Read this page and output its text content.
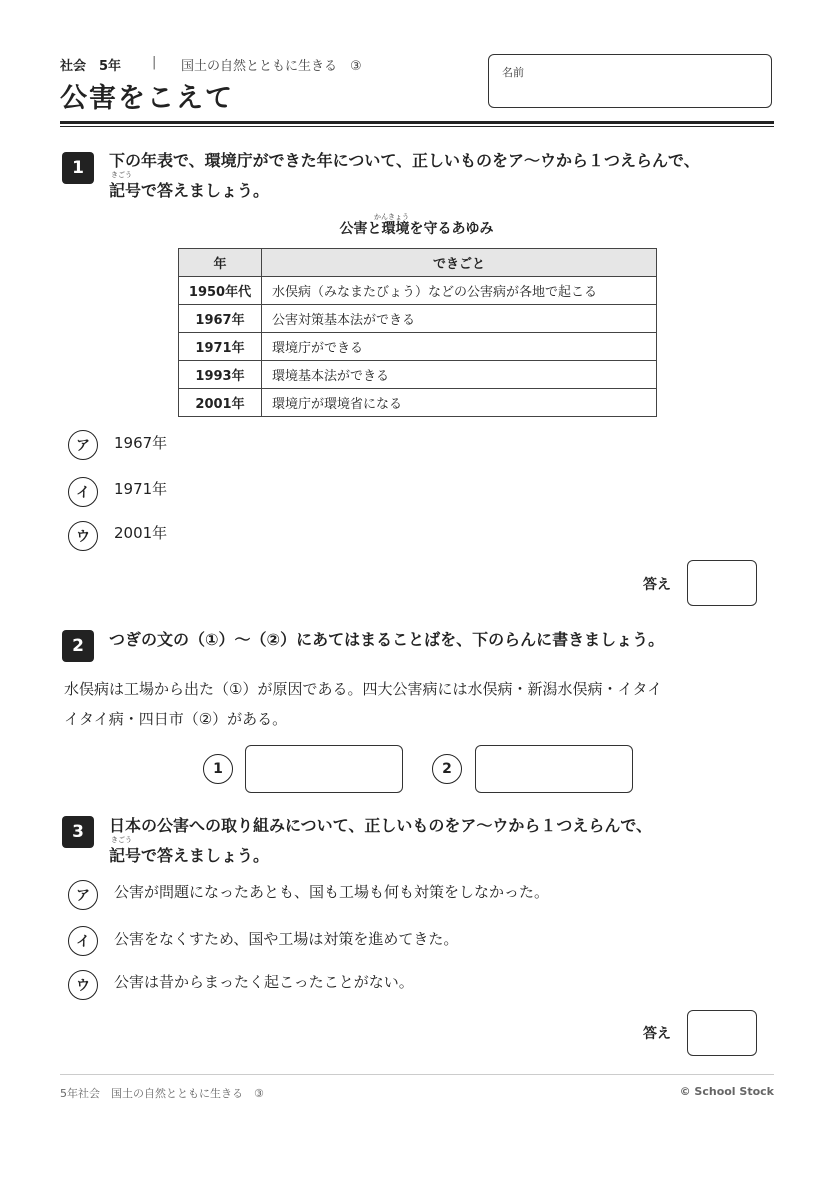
社会　5年 | 国土の自然とともに生きる　③
公害をこえて
名前
1	下の年表で、環境庁ができた年について、正しいものをア～ウから１つえらんで、
きごう
記号で答えましょう。
かんきょう
公害と環境を守るあゆみ
年	できごと
1950年代	水俣病（みなまたびょう）などの公害病が各地で起こる
1967年	公害対策基本法ができる
1971年	環境庁ができる
1993年	環境基本法ができる
2001年	環境庁が環境省になる
ア	1967年
イ	1971年
ウ	2001年
答え
2	つぎの文の（①）～（②）にあてはまることばを、下のらんに書きましょう。
水俣病は工場から出た（①）が原因である。四大公害病には水俣病・新潟水俣病・イタイ
イタイ病・四日市（②）がある。
1	2
3	日本の公害への取り組みについて、正しいものをア～ウから１つえらんで、
きごう
記号で答えましょう。
ア	公害が問題になったあとも、国も工場も何も対策をしなかった。
イ	公害をなくすため、国や工場は対策を進めてきた。
ウ	公害は昔からまったく起こったことがない。
答え
5年社会　国土の自然とともに生きる　③	© School Stock
